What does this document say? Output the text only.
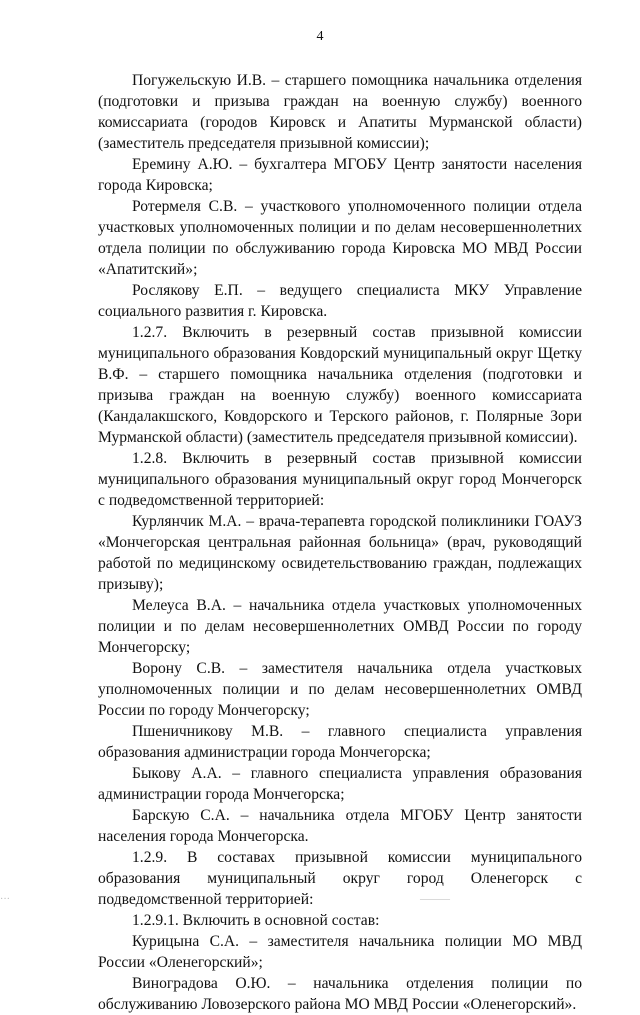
4

Погужельскую И.В. – старшего помощника начальника отделения (подготовки и призыва граждан на военную службу) военного комиссариата (городов Кировск и Апатиты Мурманской области) (заместитель председателя призывной комиссии);

Еремину А.Ю. – бухгалтера МГОБУ Центр занятости населения города Кировска;

Ротермеля С.В. – участкового уполномоченного полиции отдела участковых уполномоченных полиции и по делам несовершеннолетних отдела полиции по обслуживанию города Кировска МО МВД России «Апатитский»;

Рослякову Е.П. – ведущего специалиста МКУ Управление социального развития г. Кировска.

1.2.7. Включить в резервный состав призывной комиссии муниципального образования Ковдорский муниципальный округ Щетку В.Ф. – старшего помощника начальника отделения (подготовки и призыва граждан на военную службу) военного комиссариата (Кандалакшского, Ковдорского и Терского районов, г. Полярные Зори Мурманской области) (заместитель председателя призывной комиссии).

1.2.8. Включить в резервный состав призывной комиссии муниципального образования муниципальный округ город Мончегорск с подведомственной территорией:

Курлянчик М.А. – врача-терапевта городской поликлиники ГОАУЗ «Мончегорская центральная районная больница» (врач, руководящий работой по медицинскому освидетельствованию граждан, подлежащих призыву);

Мелеуса В.А. – начальника отдела участковых уполномоченных полиции и по делам несовершеннолетних ОМВД России по городу Мончегорску;

Ворону С.В. – заместителя начальника отдела участковых уполномоченных полиции и по делам несовершеннолетних ОМВД России по городу Мончегорску;

Пшеничникову М.В. – главного специалиста управления образования администрации города Мончегорска;

Быкову А.А. – главного специалиста управления образования администрации города Мончегорска;

Барскую С.А. – начальника отдела МГОБУ Центр занятости населения города Мончегорска.

1.2.9. В составах призывной комиссии муниципального образования муниципальный округ город Оленегорск с подведомственной территорией:

1.2.9.1. Включить в основной состав:

Курицына С.А. – заместителя начальника полиции МО МВД России «Оленегорский»;

Виноградова О.Ю. – начальника отделения полиции по обслуживанию Ловозерского района МО МВД России «Оленегорский».

···	———
